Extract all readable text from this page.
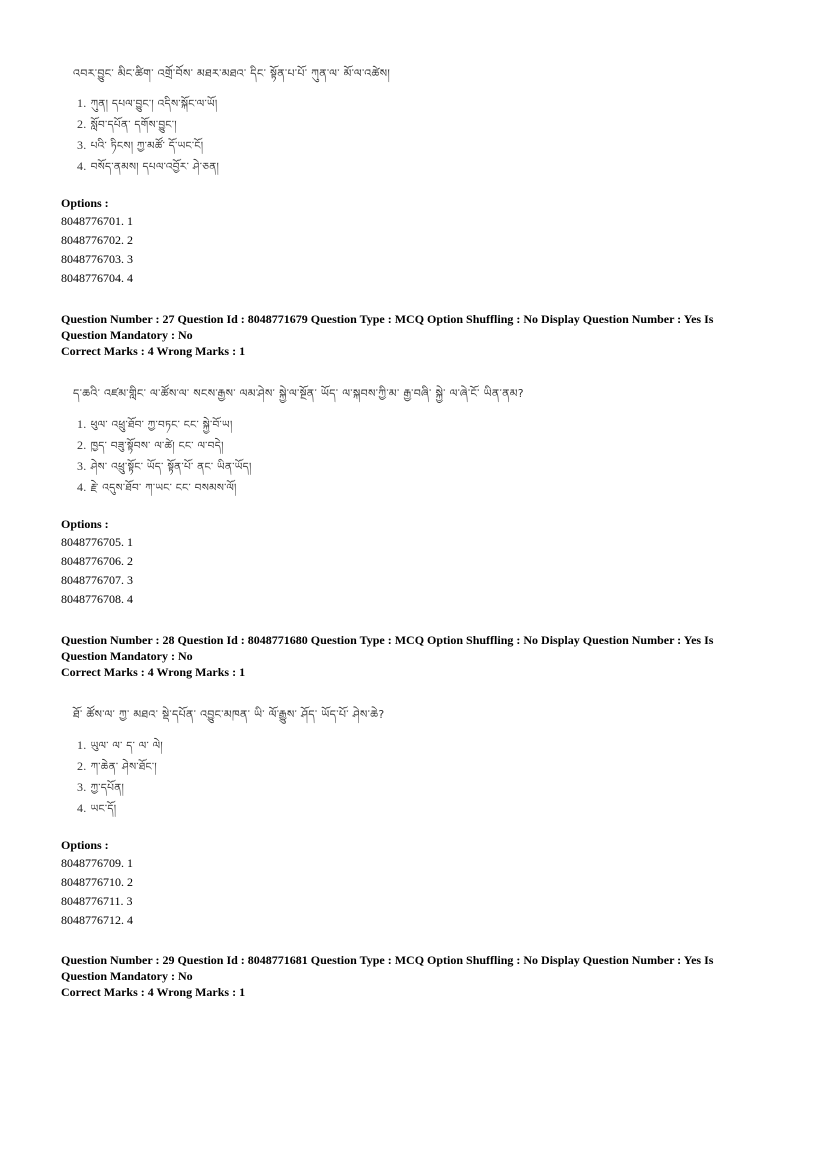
འབར་བྱུང་ མིང་ཚིག་ འགྲོ་བོས་ མཐར་མཐའ་ དིང་ སྟོན་པ་པོ་ ཀུན་ལ་ མོ་ལ་འཚེས།
1. ཀུན། དཔལ་བྱུང་། འདིས་སྐོང་ལ་ཡོ།
2. སློབ་དཔོན་ དགོས་བྱུང་།
3. པའི་ ཏིངས། ཀྱ་མཚོ་ དོ་ཡང་ངོ།
4. བསོད་ནམས། དཔལ་འབྱོར་ ཤེ་ཅན།
Options :
8048776701. 1
8048776702. 2
8048776703. 3
8048776704. 4
Question Number : 27 Question Id : 8048771679 Question Type : MCQ Option Shuffling : No Display Question Number : Yes Is
Question Mandatory : No
Correct Marks : 4 Wrong Marks : 1
ད་ཆའི་ འཛམ་གླིང་ ལ་ཚོས་ལ་ སངས་རྒྱས་ ལམ་ཤེས་ སྐྱེ་ལ་སྔོན་ ཡོད་ ལ་སྐབས་ཀྱི་མ་ རྒྱ་བཞི་ སྐྱེ་ ལ་ཞེ་ངོ་ ཡིན་ནམ?
1. ཕུལ་ འཕྲུ་ཐོབ་ ཀྱ་བཏང་ ངང་ སྐྱེ་བོ་ཡ།
2. ཁྱད་ བཟུ་སྟོབས་ ལ་ཚེ། ངང་ ལ་བདེ།
3. ཤེས་ འཕྲུ་སྟོང་ ཡོད་ སྟོན་པོ་ ནང་ ཡིན་ཡོད།
4. རྗེ་ འདུས་ཐོབ་ ཀ་ཡང་ ངང་ བསམས་ལོ།
Options :
8048776705. 1
8048776706. 2
8048776707. 3
8048776708. 4
Question Number : 28 Question Id : 8048771680 Question Type : MCQ Option Shuffling : No Display Question Number : Yes Is
Question Mandatory : No
Correct Marks : 4 Wrong Marks : 1
ཐོ་ ཚོས་ལ་ ཀྱ་ མཐའ་ སྡེ་དཔོན་ འབྱུང་མཁན་ ཡི་ ལོ་རྒྱུས་ ཤོད་ ཡོད་པོ་ ཤེས་ཆེ?
1. ཡུལ་ ལ་ ད་ ལ་ ལེ།
2. ཀ་ཆེན་ ཤེས་ཐོང་།
3. ཀྱ་དཔོན།
4. ཡང་དོ།
Options :
8048776709. 1
8048776710. 2
8048776711. 3
8048776712. 4
Question Number : 29 Question Id : 8048771681 Question Type : MCQ Option Shuffling : No Display Question Number : Yes Is
Question Mandatory : No
Correct Marks : 4 Wrong Marks : 1
